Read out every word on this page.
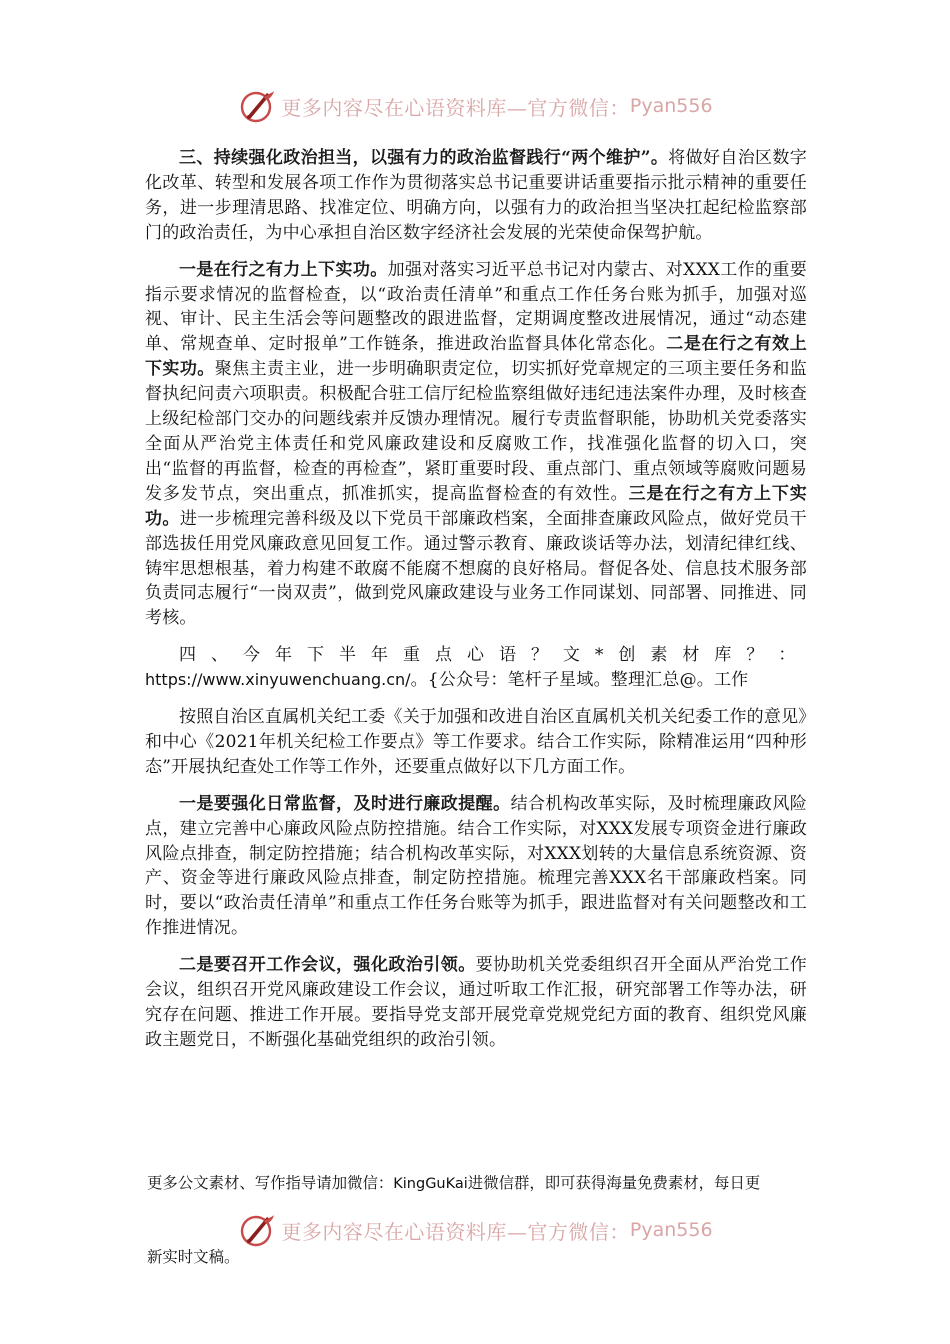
更多内容尽在心语资料库—官方微信： Pyan556

三、持续强化政治担当，以强有力的政治监督践行“两个维护”。将做好自治区数字化改革、转型和发展各项工作作为贯彻落实总书记重要讲话重要指示批示精神的重要任务，进一步理清思路、找准定位、明确方向，以强有力的政治担当坚决扛起纪检监察部门的政治责任，为中心承担自治区数字经济社会发展的光荣使命保驾护航。

一是在行之有力上下实功。加强对落实习近平总书记对内蒙古、对XXX工作的重要指示要求情况的监督检查，以“政治责任清单”和重点工作任务台账为抓手，加强对巡视、审计、民主生活会等问题整改的跟进监督，定期调度整改进展情况，通过“动态建单、常规查单、定时报单”工作链条，推进政治监督具体化常态化。二是在行之有效上下实功。聚焦主责主业，进一步明确职责定位，切实抓好党章规定的三项主要任务和监督执纪问责六项职责。积极配合驻工信厅纪检监察组做好违纪违法案件办理，及时核查上级纪检部门交办的问题线索并反馈办理情况。履行专责监督职能，协助机关党委落实全面从严治党主体责任和党风廉政建设和反腐败工作，找准强化监督的切入口，突出“监督的再监督，检查的再检查”，紧盯重要时段、重点部门、重点领域等腐败问题易发多发节点，突出重点，抓准抓实，提高监督检查的有效性。三是在行之有方上下实功。进一步梳理完善科级及以下党员干部廉政档案，全面排查廉政风险点，做好党员干部选拔任用党风廉政意见回复工作。通过警示教育、廉政谈话等办法，划清纪律红线、铸牢思想根基，着力构建不敢腐不能腐不想腐的良好格局。督促各处、信息技术服务部负责同志履行“一岗双责”，做到党风廉政建设与业务工作同谋划、同部署、同推进、同考核。

四、今年下半年重点心语？文*创素材库？：https://www.xinyuwenchuang.cn/。{公众号：笔杆子星域。整理汇总@。工作

按照自治区直属机关纪工委《关于加强和改进自治区直属机关机关纪委工作的意见》和中心《2021年机关纪检工作要点》等工作要求。结合工作实际，除精准运用“四种形态”开展执纪查处工作等工作外，还要重点做好以下几方面工作。

一是要强化日常监督，及时进行廉政提醒。结合机构改革实际，及时梳理廉政风险点，建立完善中心廉政风险点防控措施。结合工作实际，对XXX发展专项资金进行廉政风险点排查，制定防控措施；结合机构改革实际，对XXX划转的大量信息系统资源、资产、资金等进行廉政风险点排查，制定防控措施。梳理完善XXX名干部廉政档案。同时，要以“政治责任清单”和重点工作任务台账等为抓手，跟进监督对有关问题整改和工作推进情况。

二是要召开工作会议，强化政治引领。要协助机关党委组织召开全面从严治党工作会议，组织召开党风廉政建设工作会议，通过听取工作汇报，研究部署工作等办法，研究存在问题、推进工作开展。要指导党支部开展党章党规党纪方面的教育、组织党风廉政主题党日，不断强化基础党组织的政治引领。

更多公文素材、写作指导请加微信：KingGuKai进微信群，即可获得海量免费素材，每日更
更多内容尽在心语资料库—官方微信： Pyan556
新实时文稿。
